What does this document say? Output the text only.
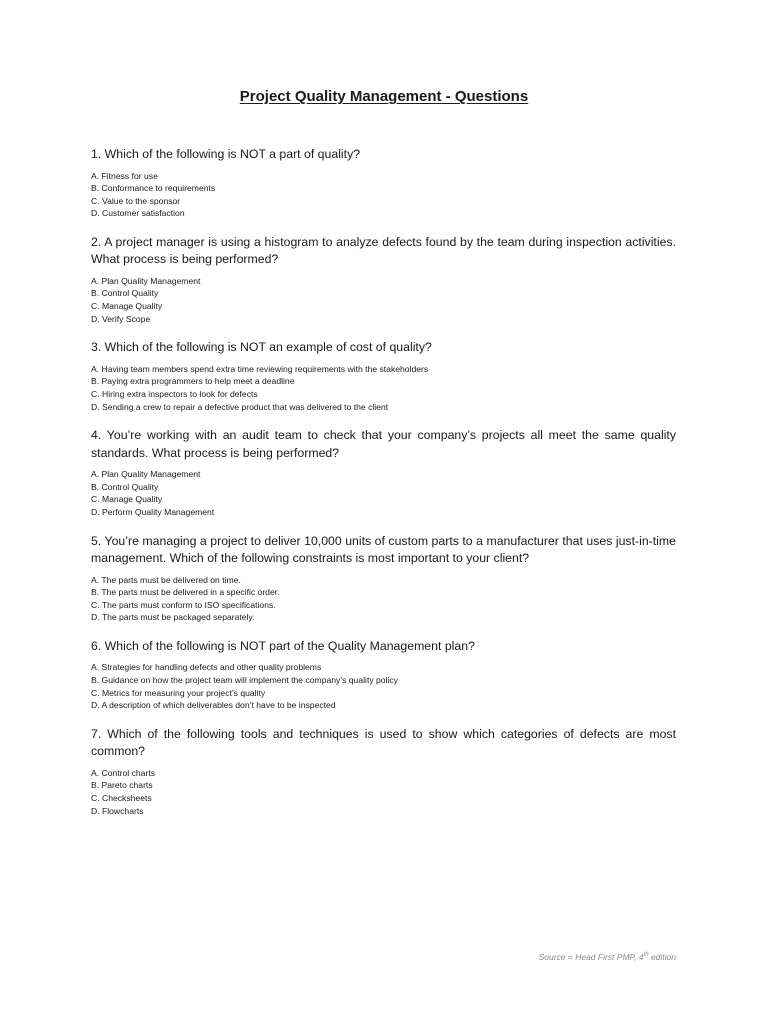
Project Quality Management - Questions

1. Which of the following is NOT a part of quality?

A. Fitness for use
B. Conformance to requirements
C. Value to the sponsor
D. Customer satisfaction

2. A project manager is using a histogram to analyze defects found by the team during inspection activities. What process is being performed?

A. Plan Quality Management
B. Control Quality
C. Manage Quality
D. Verify Scope

3. Which of the following is NOT an example of cost of quality?

A. Having team members spend extra time reviewing requirements with the stakeholders
B. Paying extra programmers to help meet a deadline
C. Hiring extra inspectors to look for defects
D. Sending a crew to repair a defective product that was delivered to the client

4. You’re working with an audit team to check that your company’s projects all meet the same quality standards. What process is being performed?

A. Plan Quality Management
B. Control Quality
C. Manage Quality
D. Perform Quality Management

5. You’re managing a project to deliver 10,000 units of custom parts to a manufacturer that uses just-in-time management. Which of the following constraints is most important to your client?

A. The parts must be delivered on time.
B. The parts must be delivered in a specific order.
C. The parts must conform to ISO specifications.
D. The parts must be packaged separately.

6. Which of the following is NOT part of the Quality Management plan?

A. Strategies for handling defects and other quality problems
B. Guidance on how the project team will implement the company’s quality policy
C. Metrics for measuring your project’s quality
D. A description of which deliverables don’t have to be inspected

7. Which of the following tools and techniques is used to show which categories of defects are most common?

A. Control charts
B. Pareto charts
C. Checksheets
D. Flowcharts
Source = Head First PMP, 4th edition
